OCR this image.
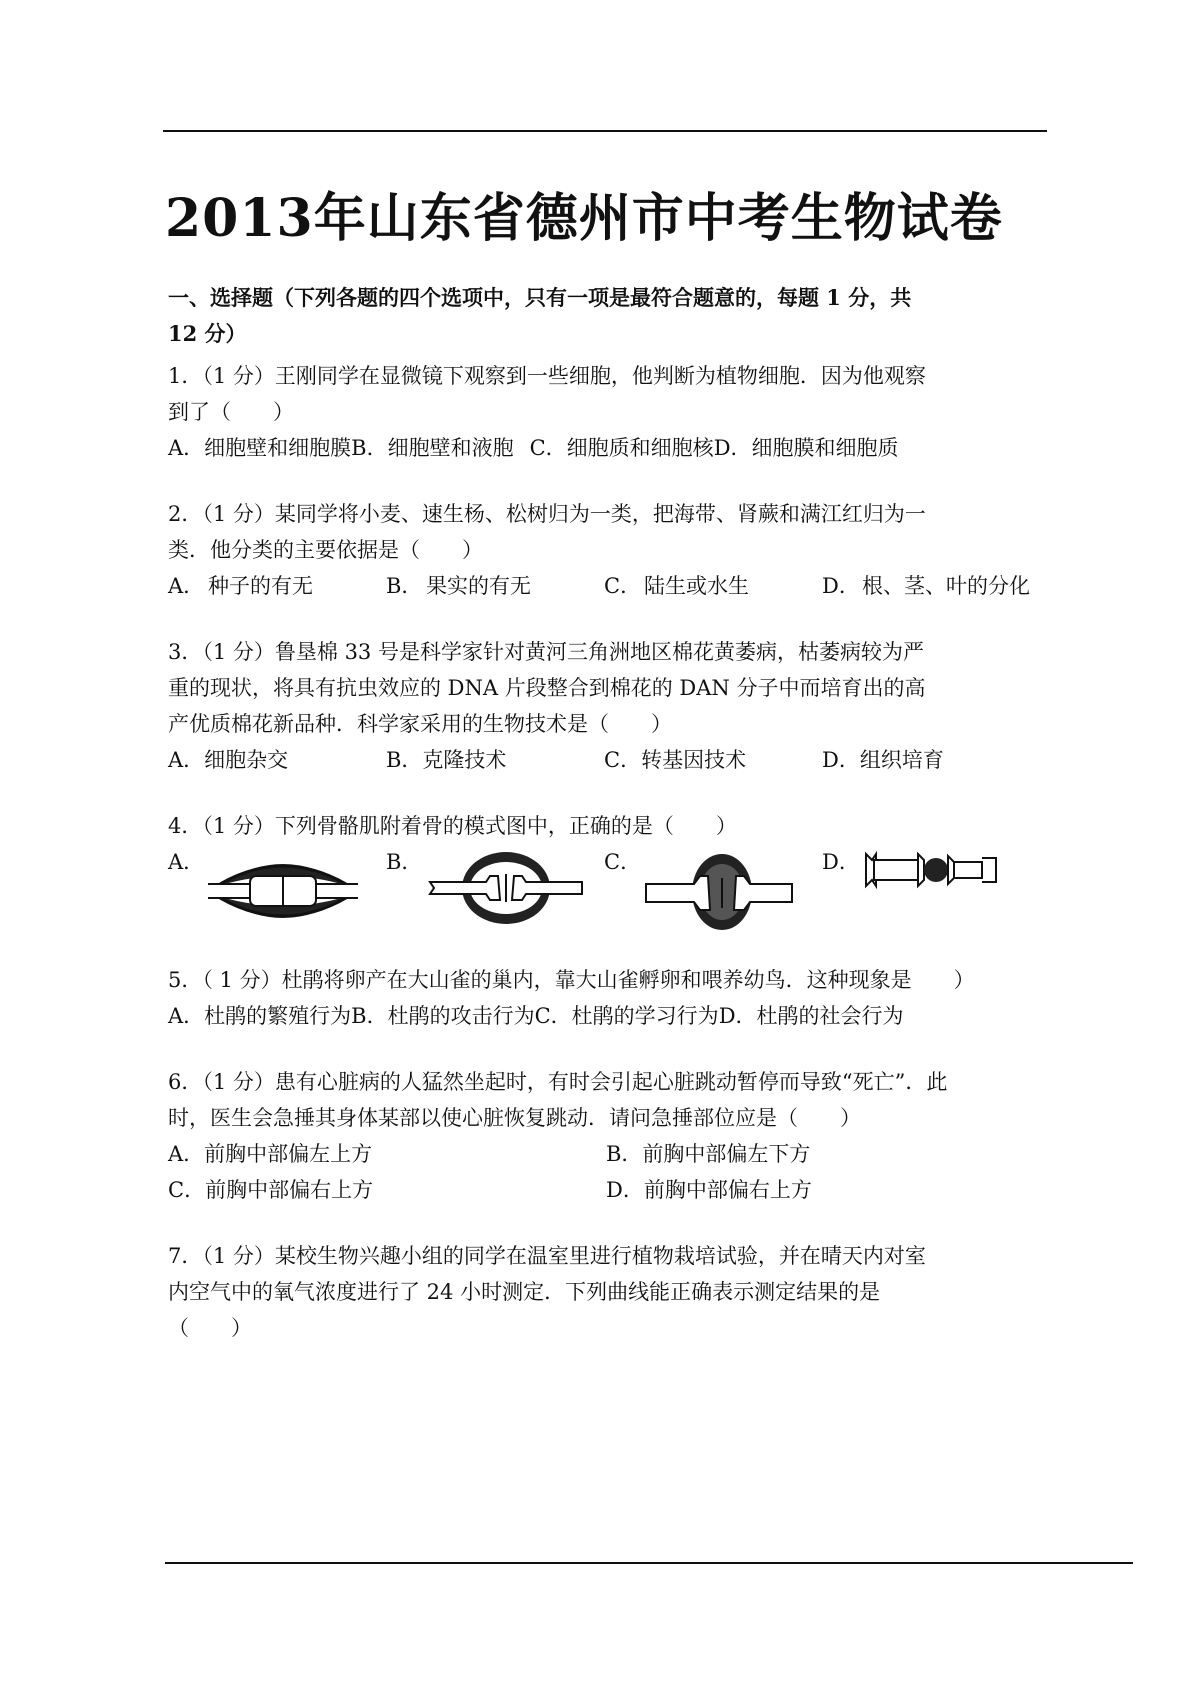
2013年山东省德州市中考生物试卷
一、选择题（下列各题的四个选项中，只有一项是最符合题意的，每题 1 分，共
12 分）
1．（1 分）王刚同学在显微镜下观察到一些细胞，他判断为植物细胞．因为他观察
到了（　　）
A．细胞壁和细胞膜 B．细胞壁和液胞 C．细胞质和细胞核 D．细胞膜和细胞质
2．（1 分）某同学将小麦、速生杨、松树归为一类，把海带、肾蕨和满江红归为一
类．他分类的主要依据是（　　）
A． 种子的有无	B． 果实的有无	C． 陆生或水生	D． 根、茎、叶的分化
3．（1 分）鲁垦棉 33 号是科学家针对黄河三角洲地区棉花黄萎病，枯萎病较为严
重的现状，将具有抗虫效应的 DNA 片段整合到棉花的 DAN 分子中而培育出的高
产优质棉花新品种．科学家采用的生物技术是（　　）
A．细胞杂交	B．克隆技术	C．转基因技术	D．组织培育
4．（1 分）下列骨骼肌附着骨的模式图中，正确的是（　　）
A．	B．	C．	D．
5．（ 1 分）杜鹃将卵产在大山雀的巢内，靠大山雀孵卵和喂养幼鸟．这种现象是　　）
A．杜鹃的繁殖行为 B．杜鹃的攻击行为 C．杜鹃的学习行为 D．杜鹃的社会行为
6．（1 分）患有心脏病的人猛然坐起时，有时会引起心脏跳动暂停而导致“死亡”．此
时，医生会急捶其身体某部以使心脏恢复跳动．请问急捶部位应是（　　）
A．前胸中部偏左上方	B．前胸中部偏左下方
C．前胸中部偏右上方	D．前胸中部偏右上方
7．（1 分）某校生物兴趣小组的同学在温室里进行植物栽培试验，并在晴天内对室
内空气中的氧气浓度进行了 24 小时测定．下列曲线能正确表示测定结果的是
（　　）
